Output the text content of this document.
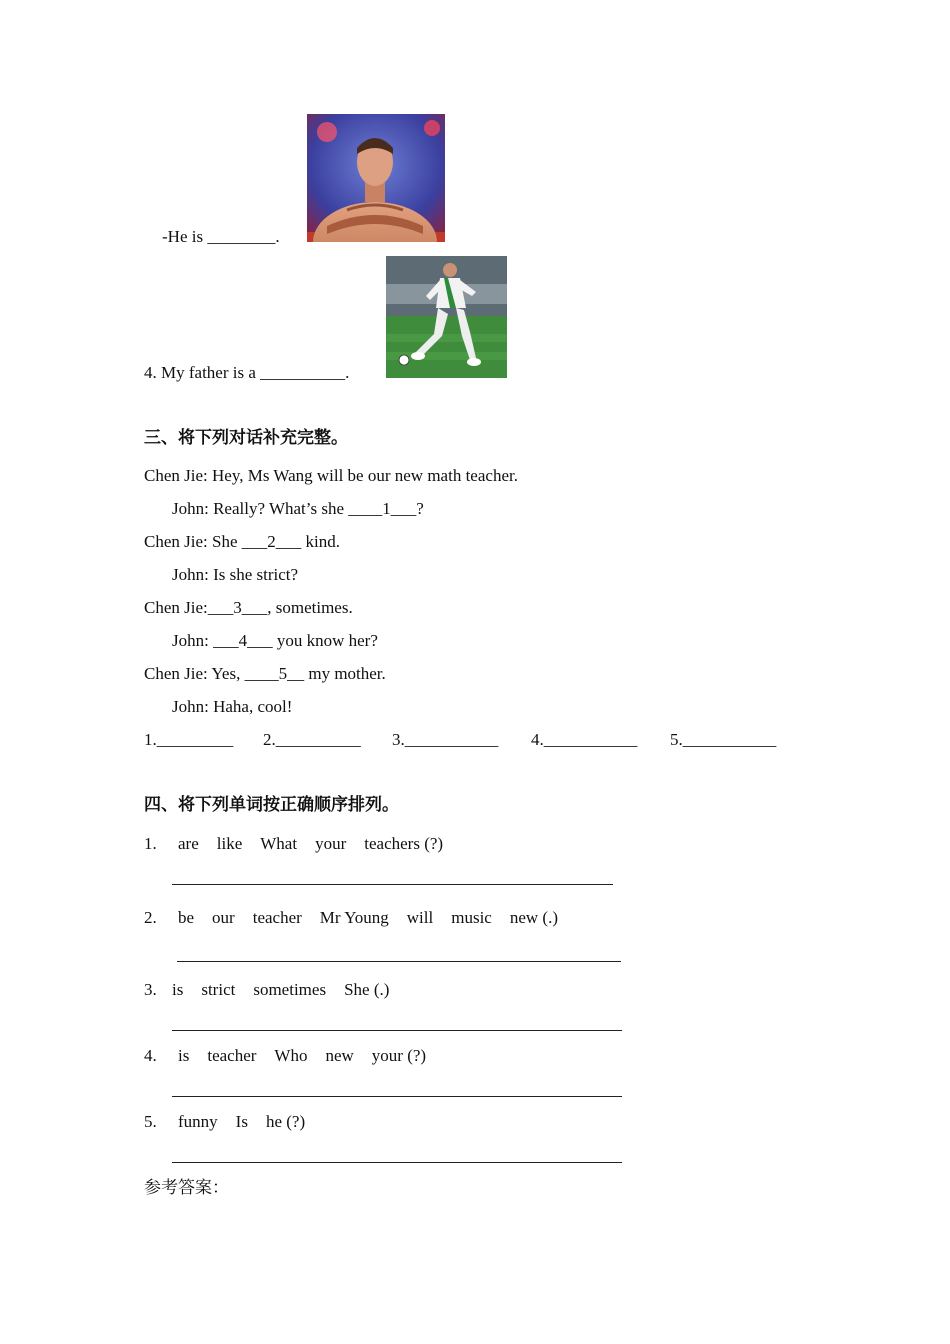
-He is ________.
4. My father is a __________.
三、将下列对话补充完整。
Chen Jie: Hey, Ms Wang will be our new math teacher.
John: Really? What’s she ____1___?
Chen Jie: She ___2___ kind.
John: Is she strict?
Chen Jie:___3___, sometimes.
John: ___4___ you know her?
Chen Jie: Yes, ____5__ my mother.
John: Haha, cool!
1._________ 2.__________ 3.___________ 4.___________ 5.___________
四、将下列单词按正确顺序排列。
1. are like What your teachers (?)
2. be our teacher Mr Young will music new (.)
3. is strict sometimes She (.)
4. is teacher Who new your (?)
5. funny Is he (?)
参考答案：
